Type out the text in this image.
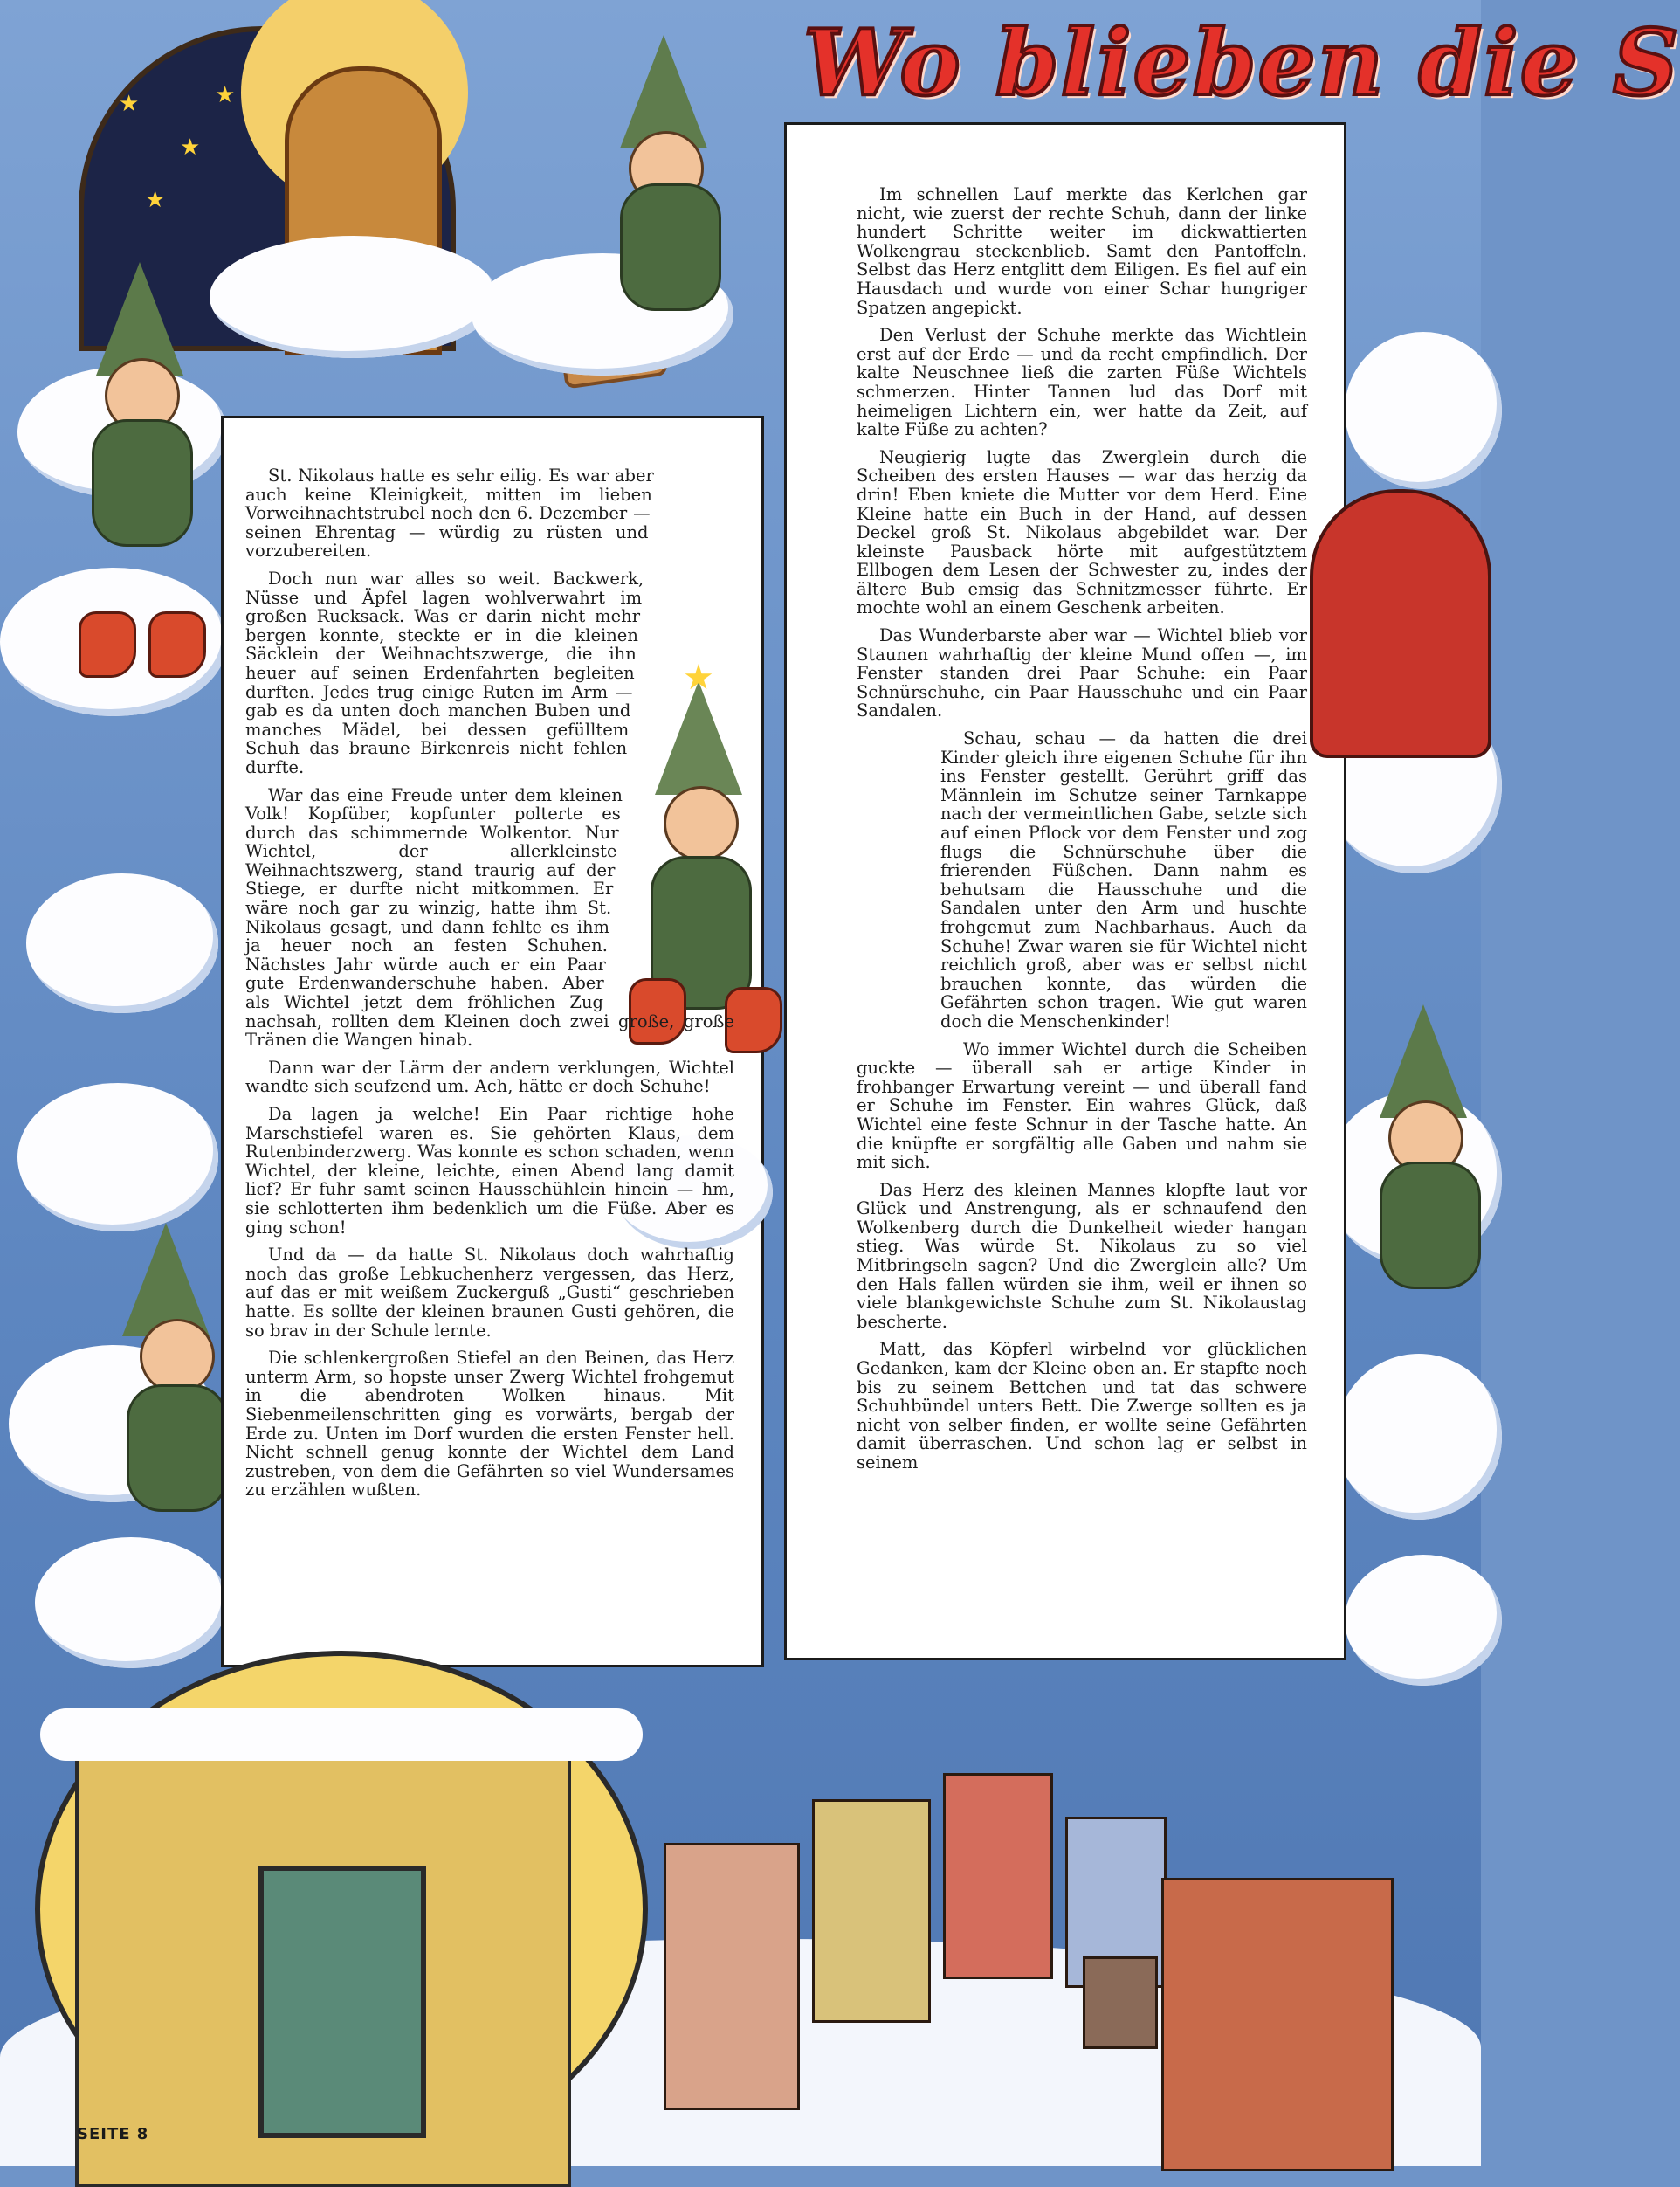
Wo blieben die S
★
★
★
★
★

St. Nikolaus hatte es sehr eilig. Es war aber auch keine Kleinigkeit, mitten im lieben Vorweihnachtstrubel noch den 6. Dezember — seinen Ehrentag — würdig zu rüsten und vorzubereiten.

Doch nun war alles so weit. Backwerk, Nüsse und Äpfel lagen wohlverwahrt im großen Rucksack. Was er darin nicht mehr bergen konnte, steckte er in die kleinen Säcklein der Weihnachtszwerge, die ihn heuer auf seinen Erdenfahrten begleiten durften. Jedes trug einige Ruten im Arm — gab es da unten doch manchen Buben und manches Mädel, bei dessen gefülltem Schuh das braune Birkenreis nicht fehlen durfte.

War das eine Freude unter dem kleinen Volk! Kopfüber, kopfunter polterte es durch das schimmernde Wolkentor. Nur Wichtel, der allerkleinste Weihnachtszwerg, stand traurig auf der Stiege, er durfte nicht mitkommen. Er wäre noch gar zu winzig, hatte ihm St. Nikolaus gesagt, und dann fehlte es ihm ja heuer noch an festen Schuhen. Nächstes Jahr würde auch er ein Paar gute Erdenwanderschuhe haben. Aber als Wichtel jetzt dem fröhlichen Zug nachsah, rollten dem Kleinen doch zwei große, große Tränen die Wangen hinab.

Dann war der Lärm der andern verklungen, Wichtel wandte sich seufzend um. Ach, hätte er doch Schuhe!

Da lagen ja welche! Ein Paar richtige hohe Marschstiefel waren es. Sie gehörten Klaus, dem Rutenbinderzwerg. Was konnte es schon schaden, wenn Wichtel, der kleine, leichte, einen Abend lang damit lief? Er fuhr samt seinen Hausschühlein hinein — hm, sie schlotterten ihm bedenklich um die Füße. Aber es ging schon!

Und da — da hatte St. Nikolaus doch wahrhaftig noch das große Lebkuchenherz vergessen, das Herz, auf das er mit weißem Zuckerguß „Gusti“ geschrieben hatte. Es sollte der kleinen braunen Gusti gehören, die so brav in der Schule lernte.

Die schlenkergroßen Stiefel an den Beinen, das Herz unterm Arm, so hopste unser Zwerg Wichtel frohgemut in die abendroten Wolken hinaus. Mit Siebenmeilenschritten ging es vorwärts, bergab der Erde zu. Unten im Dorf wurden die ersten Fenster hell. Nicht schnell genug konnte der Wichtel dem Land zustreben, von dem die Gefährten so viel Wundersames zu erzählen wußten.

Im schnellen Lauf merkte das Kerlchen gar nicht, wie zuerst der rechte Schuh, dann der linke hundert Schritte weiter im dickwattierten Wolkengrau steckenblieb. Samt den Pantoffeln. Selbst das Herz entglitt dem Eiligen. Es fiel auf ein Hausdach und wurde von einer Schar hungriger Spatzen angepickt.

Den Verlust der Schuhe merkte das Wichtlein erst auf der Erde — und da recht empfindlich. Der kalte Neuschnee ließ die zarten Füße Wichtels schmerzen. Hinter Tannen lud das Dorf mit heimeligen Lichtern ein, wer hatte da Zeit, auf kalte Füße zu achten?

Neugierig lugte das Zwerglein durch die Scheiben des ersten Hauses — war das herzig da drin! Eben kniete die Mutter vor dem Herd. Eine Kleine hatte ein Buch in der Hand, auf dessen Deckel groß St. Nikolaus abgebildet war. Der kleinste Pausback hörte mit aufgestütztem Ellbogen dem Lesen der Schwester zu, indes der ältere Bub emsig das Schnitzmesser führte. Er mochte wohl an einem Geschenk arbeiten.

Das Wunderbarste aber war — Wichtel blieb vor Staunen wahrhaftig der kleine Mund offen —, im Fenster standen drei Paar Schuhe: ein Paar Schnürschuhe, ein Paar Hausschuhe und ein Paar Sandalen.

Schau, schau — da hatten die drei Kinder gleich ihre eigenen Schuhe für ihn ins Fenster gestellt. Gerührt griff das Männlein im Schutze seiner Tarnkappe nach der vermeintlichen Gabe, setzte sich auf einen Pflock vor dem Fenster und zog flugs die Schnürschuhe über die frierenden Füßchen. Dann nahm es behutsam die Hausschuhe und die Sandalen unter den Arm und huschte frohgemut zum Nachbarhaus. Auch da Schuhe! Zwar waren sie für Wichtel nicht reichlich groß, aber was er selbst nicht brauchen konnte, das würden die Gefährten schon tragen. Wie gut waren doch die Menschenkinder!

Wo immer Wichtel durch die Scheiben guckte — überall sah er artige Kinder in frohbanger Erwartung vereint — und überall fand er Schuhe im Fenster. Ein wahres Glück, daß Wichtel eine feste Schnur in der Tasche hatte. An die knüpfte er sorgfältig alle Gaben und nahm sie mit sich.

Das Herz des kleinen Mannes klopfte laut vor Glück und Anstrengung, als er schnaufend den Wolkenberg durch die Dunkelheit wieder hangan stieg. Was würde St. Nikolaus zu so viel Mitbringseln sagen? Und die Zwerglein alle? Um den Hals fallen würden sie ihm, weil er ihnen so viele blankgewichste Schuhe zum St. Nikolaustag bescherte.

Matt, das Köpferl wirbelnd vor glücklichen Gedanken, kam der Kleine oben an. Er stapfte noch bis zu seinem Bettchen und tat das schwere Schuhbündel unters Bett. Die Zwerge sollten es ja nicht von selber finden, er wollte seine Gefährten damit überraschen. Und schon lag er selbst in seinem

SEITE 8
